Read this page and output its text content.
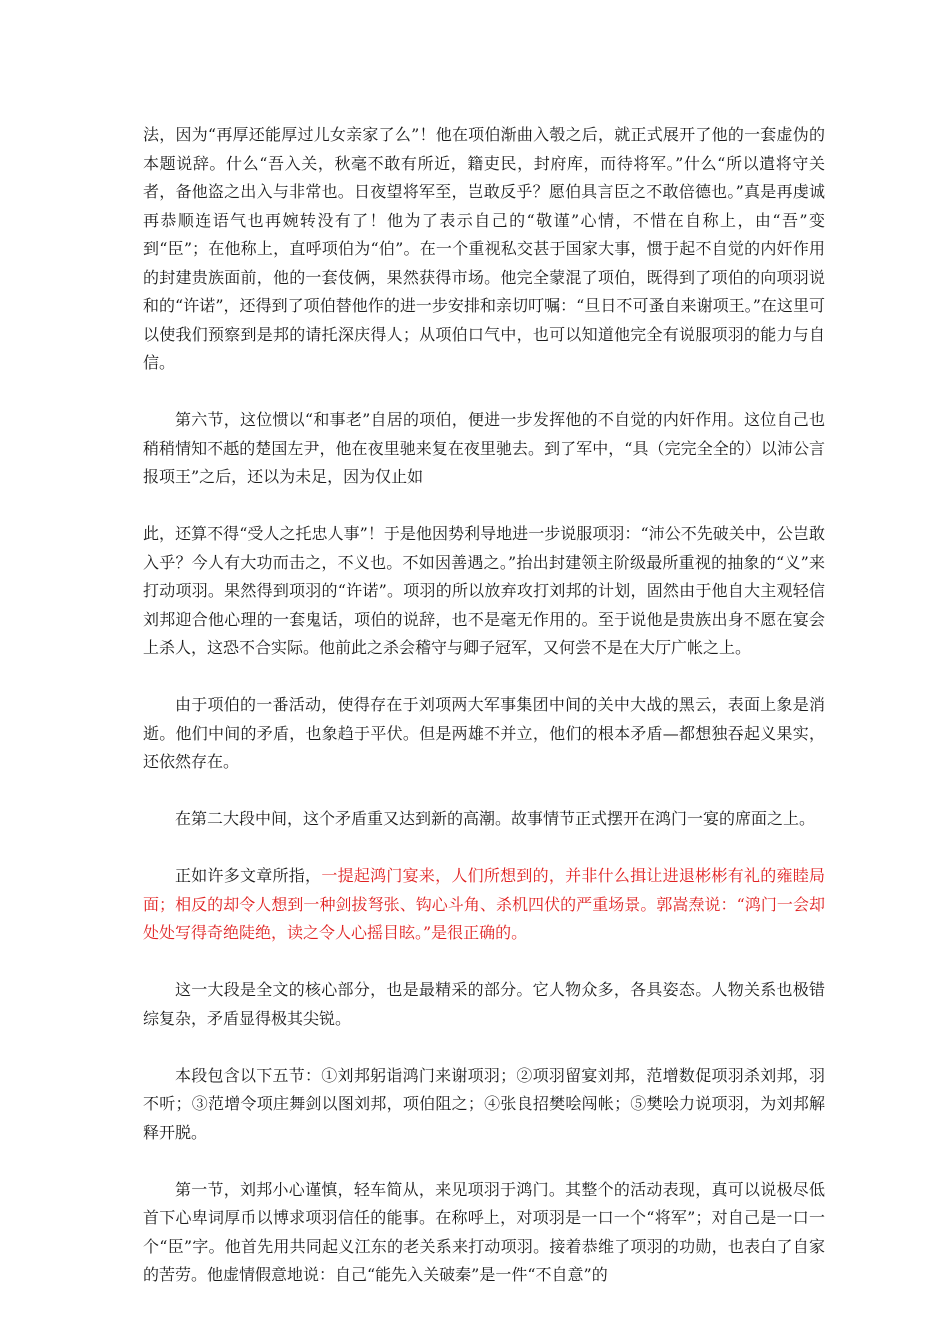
法，因为“再厚还能厚过儿女亲家了么”！他在项伯渐曲入彀之后，就正式展开了他的一套虚伪的本题说辞。什么“吾入关，秋毫不敢有所近，籍吏民，封府库，而待将军。”什么“所以遣将守关者，备他盗之出入与非常也。日夜望将军至，岂敢反乎？愿伯具言臣之不敢倍德也。”真是再虔诚再恭顺连语气也再婉转没有了！他为了表示自己的“敬谨”心情，不惜在自称上，由“吾”变到“臣”；在他称上，直呼项伯为“伯”。在一个重视私交甚于国家大事，惯于起不自觉的内奸作用的封建贵族面前，他的一套伎俩，果然获得市场。他完全蒙混了项伯，既得到了项伯的向项羽说和的“许诺”，还得到了项伯替他作的进一步安排和亲切叮嘱：“旦日不可蚤自来谢项王。”在这里可以使我们预察到是邦的请托深庆得人；从项伯口气中，也可以知道他完全有说服项羽的能力与自信。

第六节，这位惯以“和事老”自居的项伯，便进一步发挥他的不自觉的内奸作用。这位自己也稍稍情知不赿的楚国左尹，他在夜里驰来复在夜里驰去。到了军中，“具（完完全全的）以沛公言报项王”之后，还以为未足，因为仅止如

此，还算不得“受人之托忠人事”！于是他因势利导地进一步说服项羽：“沛公不先破关中，公岂敢入乎？今人有大功而击之，不义也。不如因善遇之。”抬出封建领主阶级最所重视的抽象的“义”来打动项羽。果然得到项羽的“许诺”。项羽的所以放弃攻打刘邦的计划，固然由于他自大主观轻信刘邦迎合他心理的一套鬼话，项伯的说辞，也不是毫无作用的。至于说他是贵族出身不愿在宴会上杀人，这恐不合实际。他前此之杀会稽守与卿子冠军，又何尝不是在大厅广帐之上。

由于项伯的一番活动，使得存在于刘项两大军事集团中间的关中大战的黑云，表面上象是消逝。他们中间的矛盾，也象趋于平伏。但是两雄不并立，他们的根本矛盾—都想独吞起义果实，还依然存在。

在第二大段中间，这个矛盾重又达到新的高潮。故事情节正式摆开在鸿门一宴的席面之上。

正如许多文章所指，一提起鸿门宴来，人们所想到的，并非什么揖让进退彬彬有礼的雍睦局面；相反的却令人想到一种剑拔弩张、钩心斗角、杀机四伏的严重场景。郭嵩焘说：“鸿门一会却处处写得奇绝陡绝，读之令人心摇目眩。”是很正确的。

这一大段是全文的核心部分，也是最精采的部分。它人物众多，各具姿态。人物关系也极错综复杂，矛盾显得极其尖锐。

本段包含以下五节：①刘邦躬诣鸿门来谢项羽；②项羽留宴刘邦，范增数促项羽杀刘邦，羽不听；③范增令项庄舞剑以图刘邦，项伯阻之；④张良招樊哙闯帐；⑤樊哙力说项羽，为刘邦解释开脱。

第一节，刘邦小心谨慎，轻车简从，来见项羽于鸿门。其整个的活动表现，真可以说极尽低首下心卑词厚币以博求项羽信任的能事。在称呼上，对项羽是一口一个“将军”；对自己是一口一个“臣”字。他首先用共同起义江东的老关系来打动项羽。接着恭维了项羽的功勋，也表白了自家的苦劳。他虚情假意地说：自己“能先入关破秦”是一件“不自意”的
